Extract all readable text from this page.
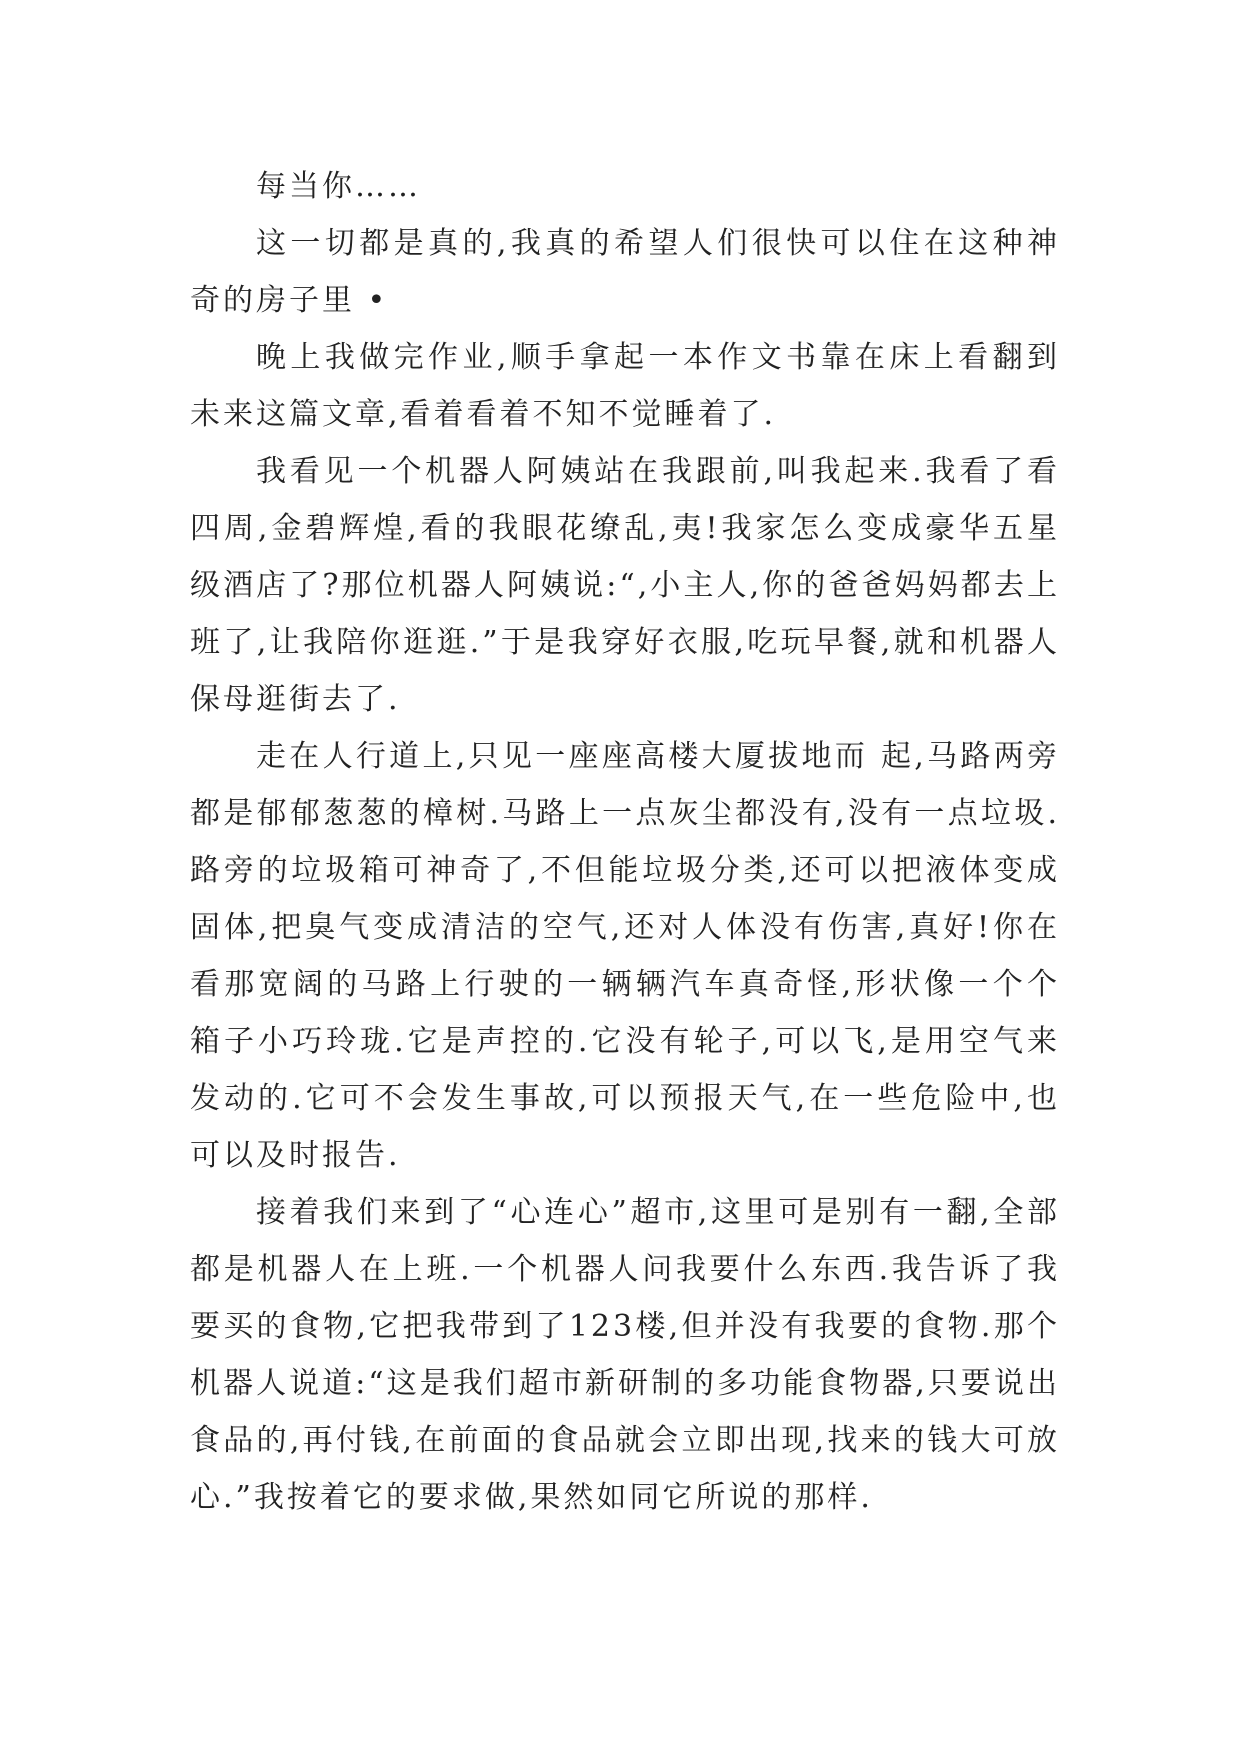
每当你……

这一切都是真的,我真的希望人们很快可以住在这种神奇的房子里 •

晚上我做完作业,顺手拿起一本作文书靠在床上看翻到未来这篇文章,看着看着不知不觉睡着了.

我看见一个机器人阿姨站在我跟前,叫我起来.我看了看四周,金碧辉煌,看的我眼花缭乱,夷!我家怎么变成豪华五星级酒店了?那位机器人阿姨说:“,小主人,你的爸爸妈妈都去上班了,让我陪你逛逛.”于是我穿好衣服,吃玩早餐,就和机器人保母逛街去了.

走在人行道上,只见一座座高楼大厦拔地而 起,马路两旁都是郁郁葱葱的樟树.马路上一点灰尘都没有,没有一点垃圾.路旁的垃圾箱可神奇了,不但能垃圾分类,还可以把液体变成固体,把臭气变成清洁的空气,还对人体没有伤害,真好!你在看那宽阔的马路上行驶的一辆辆汽车真奇怪,形状像一个个箱子小巧玲珑.它是声控的.它没有轮子,可以飞,是用空气来发动的.它可不会发生事故,可以预报天气,在一些危险中,也可以及时报告.

接着我们来到了“心连心”超市,这里可是别有一翻,全部都是机器人在上班.一个机器人问我要什么东西.我告诉了我要买的食物,它把我带到了123楼,但并没有我要的食物.那个机器人说道:“这是我们超市新研制的多功能食物器,只要说出食品的,再付钱,在前面的食品就会立即出现,找来的钱大可放心.”我按着它的要求做,果然如同它所说的那样.
